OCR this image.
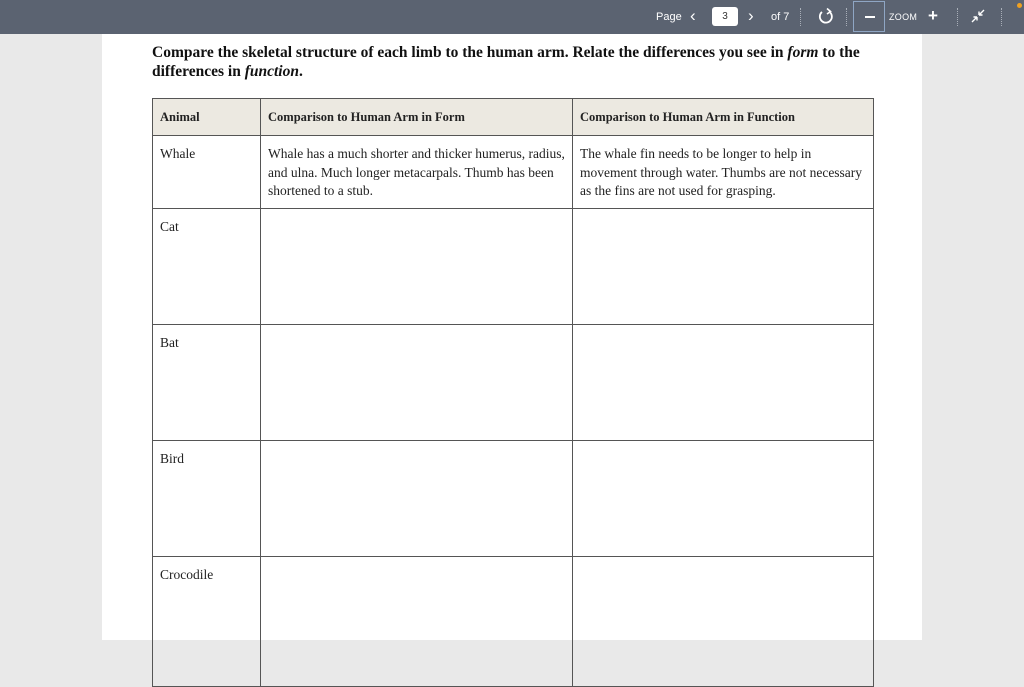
Page ‹
3	› of 7	ZOOM +

Compare the skeletal structure of each limb to the human arm. Relate the differences you see in form to the differences in function.

Animal	Comparison to Human Arm in Form	Comparison to Human Arm in Function
Whale	Whale has a much shorter and thicker humerus, radius, and ulna. Much longer metacarpals. Thumb has been shortened to a stub.	The whale fin needs to be longer to help in movement through water. Thumbs are not necessary as the fins are not used for grasping.
Cat		
Bat		
Bird		
Crocodile		
